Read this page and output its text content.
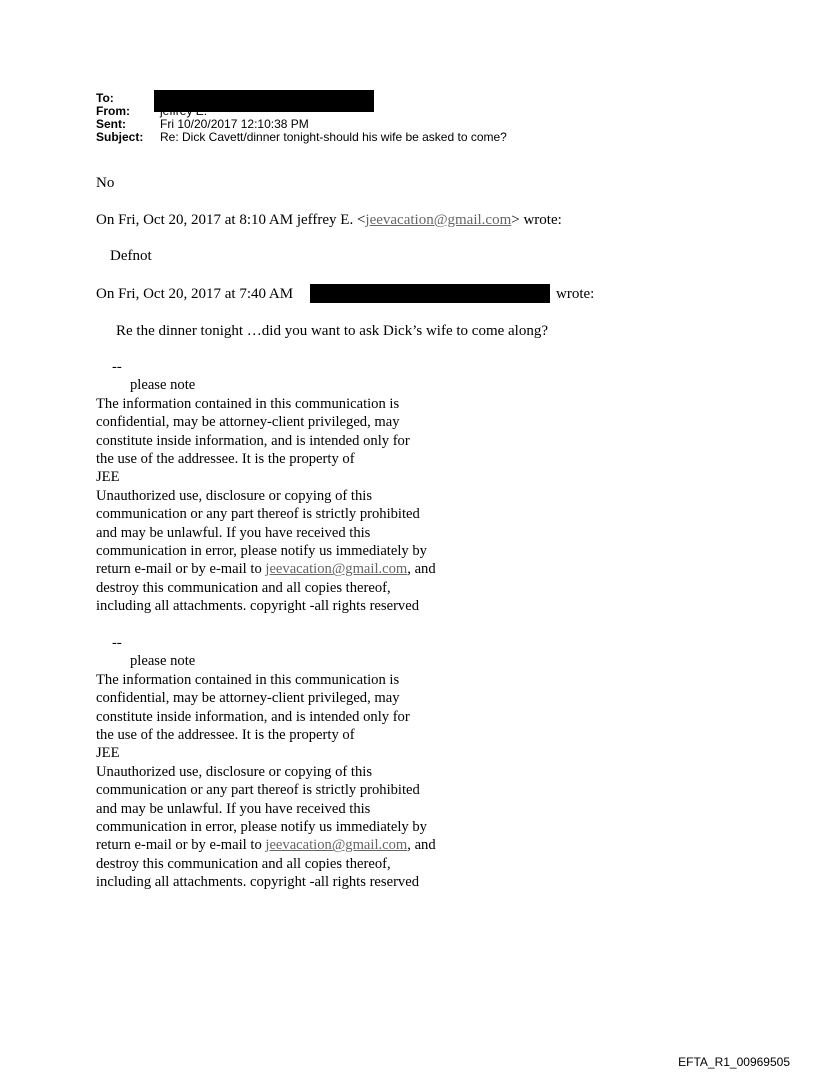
To:
From:
Sent:	Fri 10/20/2017 12:10:38 PM
Subject: Re: Dick Cavett/dinner tonight-should his wife be asked to come?
No
On Fri, Oct 20, 2017 at 8:10 AM jeffrey E. <jeevacation@gmail.com> wrote:
Defnot
On Fri, Oct 20, 2017 at 7:40 AM	wrote:
Re the dinner tonight …did you want to ask Dick’s wife to come along?
--
please note
The information contained in this communication is
confidential, may be attorney-client privileged, may
constitute inside information, and is intended only for
the use of the addressee. It is the property of
JEE
Unauthorized use, disclosure or copying of this
communication or any part thereof is strictly prohibited
and may be unlawful. If you have received this
communication in error, please notify us immediately by
return e-mail or by e-mail to jeevacation@gmail.com, and
destroy this communication and all copies thereof,
including all attachments. copyright -all rights reserved
--
please note
The information contained in this communication is
confidential, may be attorney-client privileged, may
constitute inside information, and is intended only for
the use of the addressee. It is the property of
JEE
Unauthorized use, disclosure or copying of this
communication or any part thereof is strictly prohibited
and may be unlawful. If you have received this
communication in error, please notify us immediately by
return e-mail or by e-mail to jeevacation@gmail.com, and
destroy this communication and all copies thereof,
including all attachments. copyright -all rights reserved
EFTA_R1_00969505
